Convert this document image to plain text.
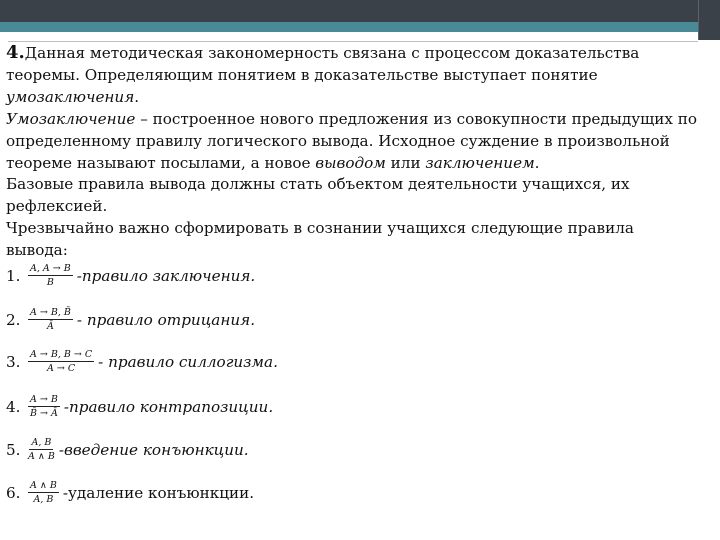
4.Данная методическая закономерность связана с процессом доказательства теоремы. Определяющим понятием в доказательстве выступает понятие умозаключения.

Умозаключение – построенное нового предложения из совокупности предыдущих по определенному правилу логического вывода. Исходное суждение в произвольной теореме называют посылами, а новое выводом или заключением.

Базовые правила вывода должны стать объектом деятельности учащихся, их рефлексией.

Чрезвычайно важно сформировать в сознании учащихся следующие правила вывода:

1. $\frac{A, A \to B}{B}$ -правило заключения.
2. $\frac{A \to B, B̄}{Ā}$ - правило отрицания.
3. $\frac{A \to B, B \to C}{A \to C}$ - правило силлогизма.
4. $\frac{A \to B}{B̄ \to Ā}$ -правило контрапозиции.
5. $\frac{A, B}{A \wedge B}$ -введение конъюнкции.
6. $\frac{A \wedge B}{A, B}$ -удаление конъюнкции.
